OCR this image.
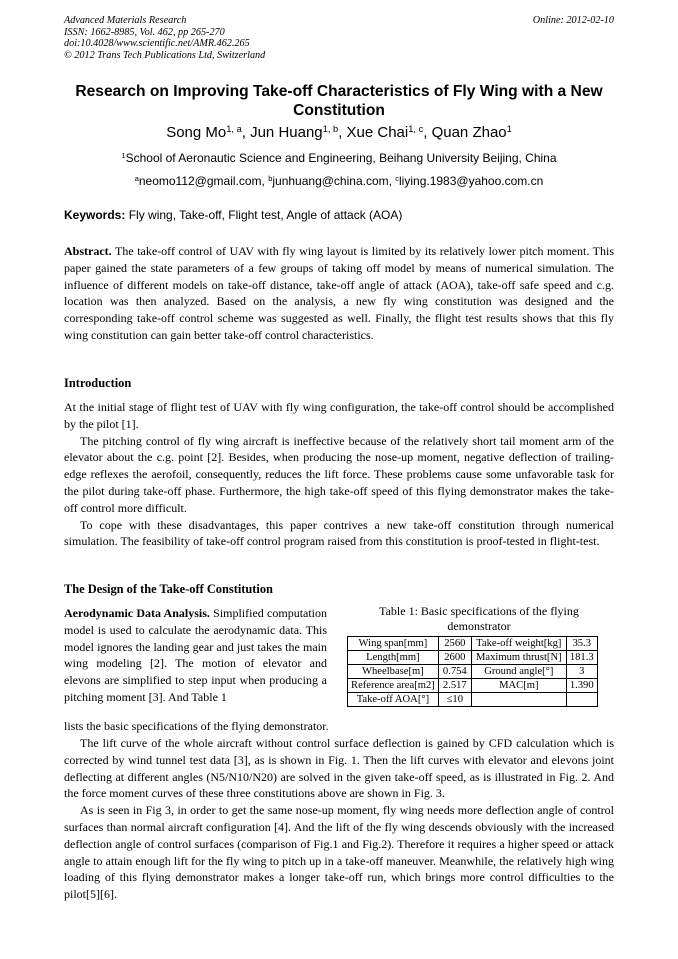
Advanced Materials Research
ISSN: 1662-8985, Vol. 462, pp 265-270
doi:10.4028/www.scientific.net/AMR.462.265
© 2012 Trans Tech Publications Ltd, Switzerland
Online: 2012-02-10
Research on Improving Take-off Characteristics of Fly Wing with a New
Constitution
Song Mo$^{1, a}$, Jun Huang$^{1, b}$, Xue Chai$^{1, c}$, Quan Zhao$^1$
$^1$School of Aeronautic Science and Engineering, Beihang University Beijing, China
$^a$neomo112@gmail.com, $^b$junhuang@china.com, $^c$liying.1983@yahoo.com.cn
Keywords: Fly wing, Take-off, Flight test, Angle of attack (AOA)

Abstract. The take-off control of UAV with fly wing layout is limited by its relatively lower pitch moment. This paper gained the state parameters of a few groups of taking off model by means of numerical simulation. The influence of different models on take-off distance, take-off angle of attack (AOA), take-off safe speed and c.g. location was then analyzed. Based on the analysis, a new fly wing constitution was designed and the corresponding take-off control scheme was suggested as well. Finally, the flight test results shows that this fly wing constitution can gain better take-off control characteristics.

Introduction

At the initial stage of flight test of UAV with fly wing configuration, the take-off control should be accomplished by the pilot [1].

The pitching control of fly wing aircraft is ineffective because of the relatively short tail moment arm of the elevator about the c.g. point [2]. Besides, when producing the nose-up moment, negative deflection of trailing-edge reflexes the aerofoil, consequently, reduces the lift force. These problems cause some unfavorable task for the pilot during take-off phase. Furthermore, the high take-off speed of this flying demonstrator makes the take-off control more difficult.

To cope with these disadvantages, this paper contrives a new take-off constitution through numerical simulation. The feasibility of take-off control program raised from this constitution is proof-tested in flight-test.

The Design of the Take-off Constitution

Aerodynamic Data Analysis. Simplified computation model is used to calculate the aerodynamic data. This model ignores the landing gear and just takes the main wing modeling [2]. The motion of elevator and elevons are simplified to step input when producing a pitching moment [3]. And Table 1

lists the basic specifications of the flying demonstrator.

The lift curve of the whole aircraft without control surface deflection is gained by CFD calculation which is corrected by wind tunnel test data [3], as is shown in Fig. 1. Then the lift curves with elevator and elevons joint deflecting at different angles (N5/N10/N20) are solved in the given take-off speed, as is illustrated in Fig. 2. And the force moment curves of these three constitutions above are shown in Fig. 3.

As is seen in Fig 3, in order to get the same nose-up moment, fly wing needs more deflection angle of control surfaces than normal aircraft configuration [4]. And the lift of the fly wing descends obviously with the increased deflection angle of control surfaces (comparison of Fig.1 and Fig.2). Therefore it requires a higher speed or attack angle to attain enough lift for the fly wing to pitch up in a take-off maneuver. Meanwhile, the relatively high wing loading of this flying demonstrator makes a longer take-off run, which brings more control difficulties to the pilot[5][6].

Table 1: Basic specifications of the flying
demonstrator
Wing span[mm]	2560	Take-off weight[kg]	35.3
Length[mm]	2600	Maximum thrust[N]	181.3
Wheelbase[m]	0.754	Ground angle[°]	3
Reference area[m2]	2.517	MAC[m]	1.390
Take-off AOA[°]	≤10		
